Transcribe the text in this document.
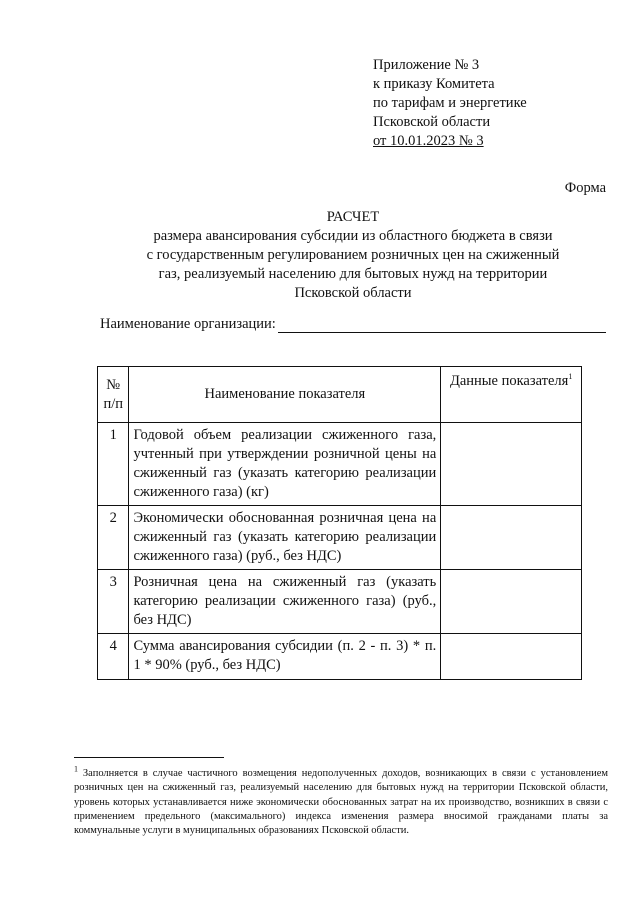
Приложение № 3
к приказу Комитета
по тарифам и энергетике
Псковской области
от 10.01.2023 № 3
Форма
РАСЧЕТ
размера авансирования субсидии из областного бюджета в связи
с государственным регулированием розничных цен на сжиженный
газ, реализуемый населению для бытовых нужд на территории
Псковской области
Наименование организации:
№
п/п	Наименование показателя	Данные показателя$^1$
1	Годовой объем реализации сжиженного газа, учтенный при утверждении розничной цены на сжиженный газ (указать категорию реализации сжиженного газа) (кг)	
2	Экономически обоснованная розничная цена на сжиженный газ (указать категорию реализации сжиженного газа) (руб., без НДС)	
3	Розничная цена на сжиженный газ (указать категорию реализации сжиженного газа) (руб., без НДС)	
4	Сумма авансирования субсидии (п. 2 - п. 3) * п. 1 * 90% (руб., без НДС)	
$^1$ Заполняется в случае частичного возмещения недополученных доходов, возникающих в связи с установлением розничных цен на сжиженный газ, реализуемый населению для бытовых нужд на территории Псковской области, уровень которых устанавливается ниже экономически обоснованных затрат на их производство, возникших в связи с применением предельного (максимального) индекса изменения размера вносимой гражданами платы за коммунальные услуги в муниципальных образованиях Псковской области.
